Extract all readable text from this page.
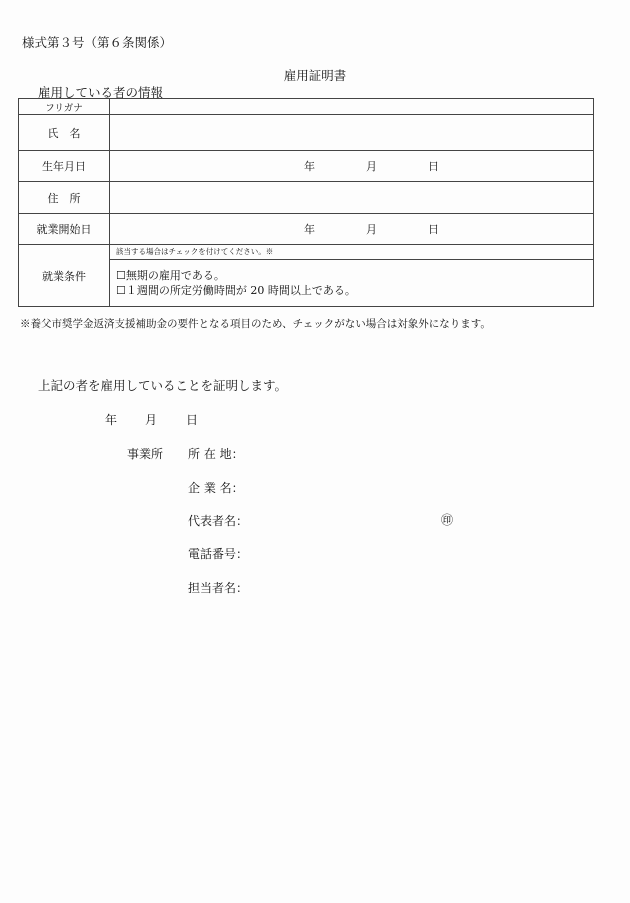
様式第３号（第６条関係）
雇用証明書
雇用している者の情報
フリガナ	
氏　名	
生年月日	年 月 日

住　所	
就業開始日	年 月 日

就業条件	該当する場合はチェックを付けてください。※
☐無期の雇用である。
☐１週間の所定労働時間が 20 時間以上である。
※養父市奨学金返済支援補助金の要件となる項目のため、チェックがない場合は対象外になります。
上記の者を雇用していることを証明します。
年 月 日
事業所 所 在 地：
企 業 名：
代表者名：	㊞
電話番号：
担当者名：
